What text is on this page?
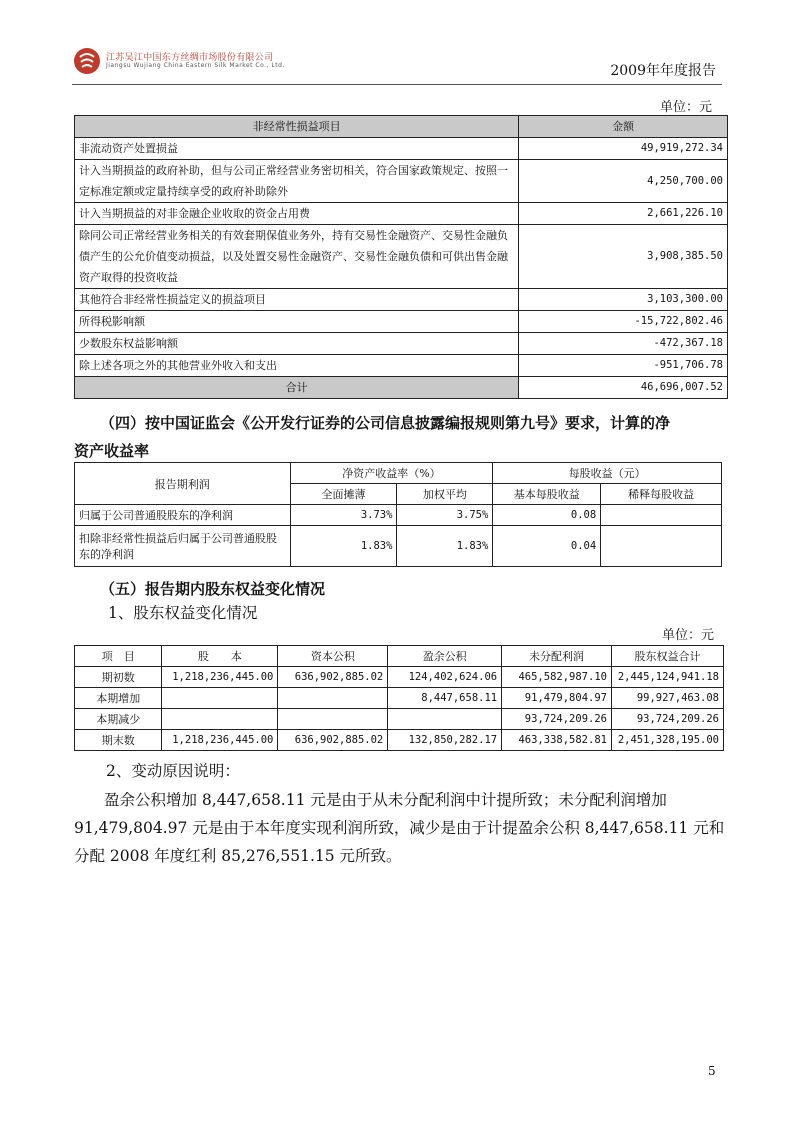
江苏吴江中国东方丝绸市场股份有限公司
Jiangsu Wujiang China Eastern Silk Market Co., Ltd.	2009年年度报告
单位：元
非经常性损益项目	金额
非流动资产处置损益	49,919,272.34
计入当期损益的政府补助，但与公司正常经营业务密切相关，符合国家政策规定、按照一定标准定额或定量持续享受的政府补助除外	4,250,700.00
计入当期损益的对非金融企业收取的资金占用费	2,661,226.10
除同公司正常经营业务相关的有效套期保值业务外，持有交易性金融资产、交易性金融负债产生的公允价值变动损益，以及处置交易性金融资产、交易性金融负债和可供出售金融资产取得的投资收益	3,908,385.50
其他符合非经常性损益定义的损益项目	3,103,300.00
所得税影响额	-15,722,802.46
少数股东权益影响额	-472,367.18
除上述各项之外的其他营业外收入和支出	-951,706.78
合计	46,696,007.52
（四）按中国证监会《公开发行证券的公司信息披露编报规则第九号》要求，计算的净
资产收益率
报告期利润	净资产收益率（%）		每股收益（元）	
	全面摊薄	加权平均	基本每股收益	稀释每股收益
归属于公司普通股股东的净利润	3.73%	3.75%	0.08	
扣除非经常性损益后归属于公司普通股股东的净利润	1.83%	1.83%	0.04	
（五）报告期内股东权益变化情况
1、股东权益变化情况
单位：元
项　目	股　　本	资本公积	盈余公积	未分配利润	股东权益合计
期初数	1,218,236,445.00	636,902,885.02	124,402,624.06	465,582,987.10	2,445,124,941.18
本期增加			8,447,658.11	91,479,804.97	99,927,463.08
本期减少				93,724,209.26	93,724,209.26
期末数	1,218,236,445.00	636,902,885.02	132,850,282.17	463,338,582.81	2,451,328,195.00
2、变动原因说明：
盈余公积增加 8,447,658.11 元是由于从未分配利润中计提所致；未分配利润增加
91,479,804.97 元是由于本年度实现利润所致，减少是由于计提盈余公积 8,447,658.11 元和
分配 2008 年度红利 85,276,551.15 元所致。
5
